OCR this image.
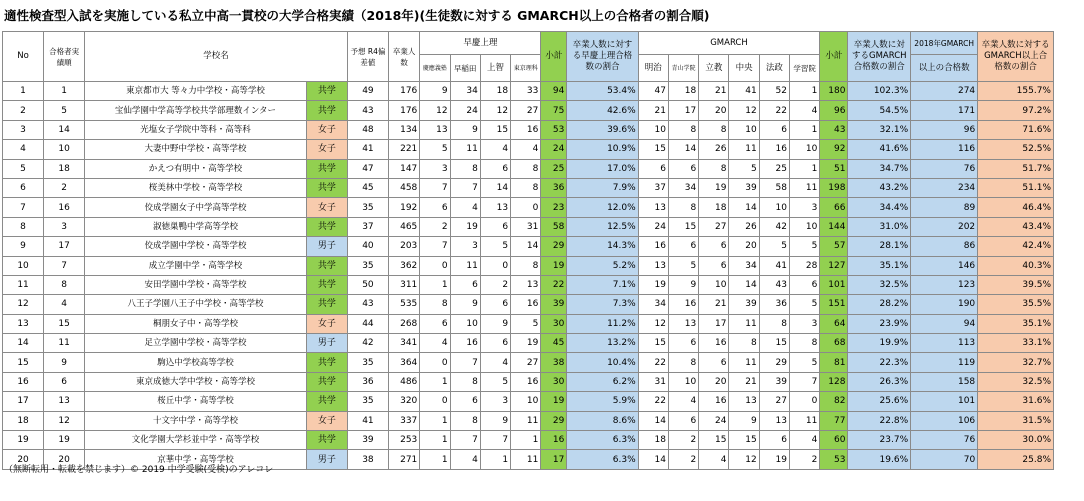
適性検査型入試を実施している私立中高一貫校の大学合格実績（2018年)(生徒数に対する GMARCH以上の合格者の割合順)
No	合格者実績順	学校名		予想 R4偏差値	卒業人数	早慶上理				小計	卒業人数に対する早慶上理合格数の割合	GMARCH						小計	卒業人数に対するGMARCH合格数の割合	2018年GMARCH	卒業人数に対するGMARCH以上合格数の割合
						慶應義塾	早稲田	上智	東京理科			明治	青山学院	立教	中央	法政	学習院			以上の合格数	
1	1	東京都市大 等々力中学校・高等学校	共学	49	176	9	34	18	33	94	53.4%	47	18	21	41	52	1	180	102.3%	274	155.7%
2	5	宝仙学園中学高等学校共学部理数インター	共学	43	176	12	24	12	27	75	42.6%	21	17	20	12	22	4	96	54.5%	171	97.2%
3	14	光塩女子学院中等科・高等科	女子	48	134	13	9	15	16	53	39.6%	10	8	8	10	6	1	43	32.1%	96	71.6%
4	10	大妻中野中学校・高等学校	女子	41	221	5	11	4	4	24	10.9%	15	14	26	11	16	10	92	41.6%	116	52.5%
5	18	かえつ有明中・高等学校	共学	47	147	3	8	6	8	25	17.0%	6	6	8	5	25	1	51	34.7%	76	51.7%
6	2	桜美林中学校・高等学校	共学	45	458	7	7	14	8	36	7.9%	37	34	19	39	58	11	198	43.2%	234	51.1%
7	16	佼成学園女子中学高等学校	女子	35	192	6	4	13	0	23	12.0%	13	8	18	14	10	3	66	34.4%	89	46.4%
8	3	淑徳巣鴨中学高等学校	共学	37	465	2	19	6	31	58	12.5%	24	15	27	26	42	10	144	31.0%	202	43.4%
9	17	佼成学園中学校・高等学校	男子	40	203	7	3	5	14	29	14.3%	16	6	6	20	5	5	57	28.1%	86	42.4%
10	7	成立学園中学・高等学校	共学	35	362	0	11	0	8	19	5.2%	13	5	6	34	41	28	127	35.1%	146	40.3%
11	8	安田学園中学校・高等学校	共学	50	311	1	6	2	13	22	7.1%	19	9	10	14	43	6	101	32.5%	123	39.5%
12	4	八王子学園八王子中学校・高等学校	共学	43	535	8	9	6	16	39	7.3%	34	16	21	39	36	5	151	28.2%	190	35.5%
13	15	桐朋女子中・高等学校	女子	44	268	6	10	9	5	30	11.2%	12	13	17	11	8	3	64	23.9%	94	35.1%
14	11	足立学園中学校・高等学校	男子	42	341	4	16	6	19	45	13.2%	15	6	16	8	15	8	68	19.9%	113	33.1%
15	9	駒込中学校高等学校	共学	35	364	0	7	4	27	38	10.4%	22	8	6	11	29	5	81	22.3%	119	32.7%
16	6	東京成徳大学中学校・高等学校	共学	36	486	1	8	5	16	30	6.2%	31	10	20	21	39	7	128	26.3%	158	32.5%
17	13	桜丘中学・高等学校	共学	35	320	0	6	3	10	19	5.9%	22	4	16	13	27	0	82	25.6%	101	31.6%
18	12	十文字中学・高等学校	女子	41	337	1	8	9	11	29	8.6%	14	6	24	9	13	11	77	22.8%	106	31.5%
19	19	文化学園大学杉並中学・高等学校	共学	39	253	1	7	7	1	16	6.3%	18	2	15	15	6	4	60	23.7%	76	30.0%
20	20	京華中学・高等学校	男子	38	271	1	4	1	11	17	6.3%	14	2	4	12	19	2	53	19.6%	70	25.8%
（無断転用・転載を禁じます）© 2019 中学受験(受検)のアレコレ
